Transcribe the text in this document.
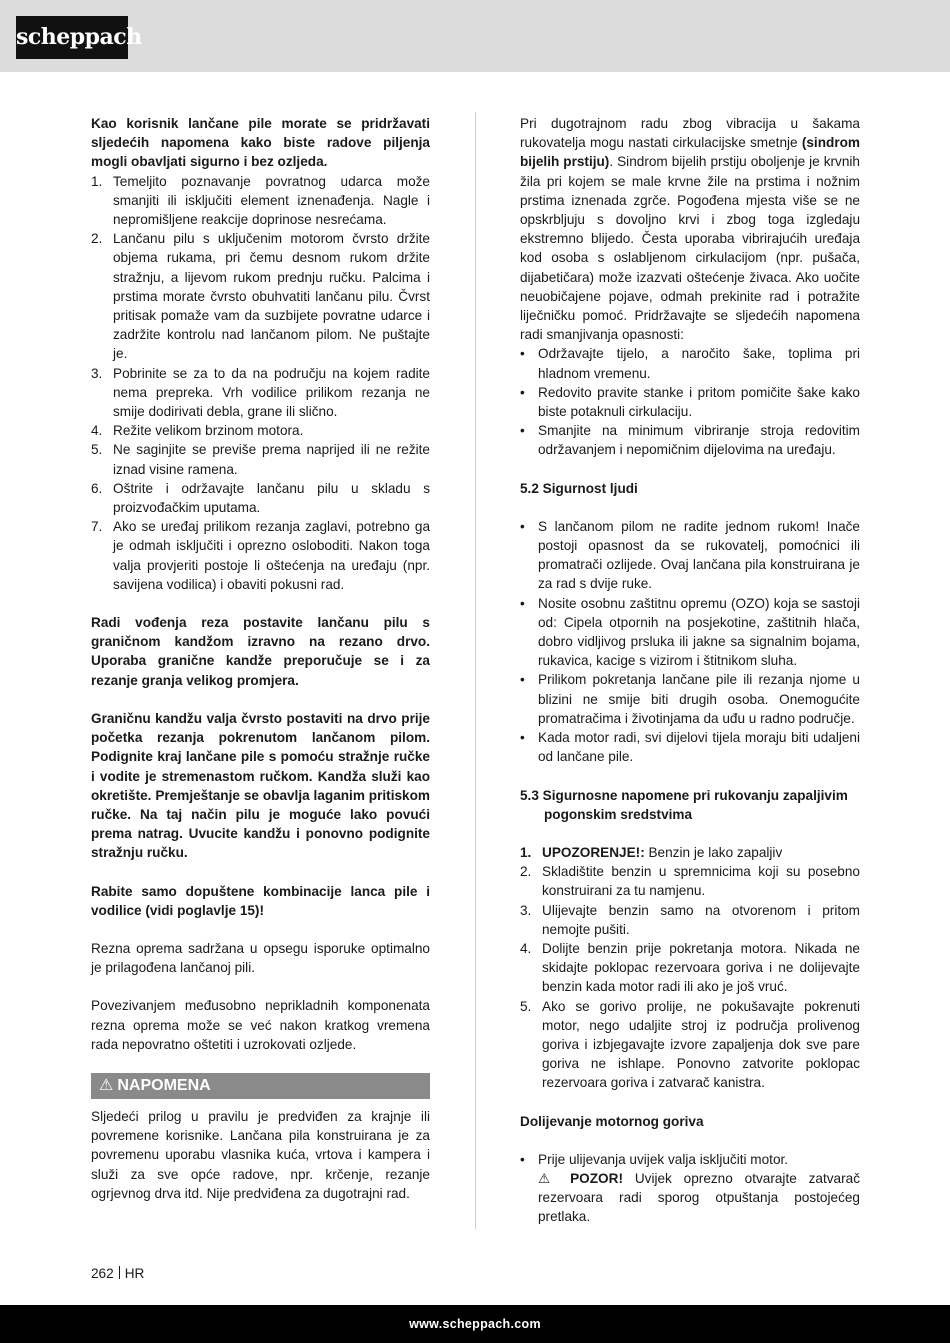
scheppach

Kao korisnik lančane pile morate se pridržavati sljedećih napomena kako biste radove piljenja mogli obavljati sigurno i bez ozljeda.

1. Temeljito poznavanje povratnog udarca može smanjiti ili isključiti element iznenađenja. Nagle i nepromišljene reakcije doprinose nesrećama.
2. Lančanu pilu s uključenim motorom čvrsto držite objema rukama, pri čemu desnom rukom držite stražnju, a lijevom rukom prednju ručku. Palcima i prstima morate čvrsto obuhvatiti lančanu pilu. Čvrst pritisak pomaže vam da suzbijete povratne udarce i zadržite kontrolu nad lančanom pilom. Ne puštajte je.
3. Pobrinite se za to da na području na kojem radite nema prepreka. Vrh vodilice prilikom rezanja ne smije dodirivati debla, grane ili slično.
4. Režite velikom brzinom motora.
5. Ne saginjite se previše prema naprijed ili ne režite iznad visine ramena.
6. Oštrite i održavajte lančanu pilu u skladu s proizvođačkim uputama.
7. Ako se uređaj prilikom rezanja zaglavi, potrebno ga je odmah isključiti i oprezno osloboditi. Nakon toga valja provjeriti postoje li oštećenja na uređaju (npr. savijena vodilica) i obaviti pokusni rad.

Radi vođenja reza postavite lančanu pilu s graničnom kandžom izravno na rezano drvo. Uporaba granične kandže preporučuje se i za rezanje granja velikog promjera.

Graničnu kandžu valja čvrsto postaviti na drvo prije početka rezanja pokrenutom lančanom pilom. Podignite kraj lančane pile s pomoću stražnje ručke i vodite je stremenastom ručkom. Kandža služi kao okretište. Premještanje se obavlja laganim pritiskom ručke. Na taj način pilu je moguće lako povući prema natrag. Uvucite kandžu i ponovno podignite stražnju ručku.

Rabite samo dopuštene kombinacije lanca pile i vodilice (vidi poglavlje 15)!

Rezna oprema sadržana u opsegu isporuke optimalno je prilagođena lančanoj pili.

Povezivanjem međusobno neprikladnih komponenata rezna oprema može se već nakon kratkog vremena rada nepovratno oštetiti i uzrokovati ozljede.

⚠ NAPOMENA

Sljedeći prilog u pravilu je predviđen za krajnje ili povremene korisnike. Lančana pila konstruirana je za povremenu uporabu vlasnika kuća, vrtova i kampera i služi za sve opće radove, npr. krčenje, rezanje ogrjevnog drva itd. Nije predviđena za dugotrajni rad.

Pri dugotrajnom radu zbog vibracija u šakama rukovatelja mogu nastati cirkulacijske smetnje (sindrom bijelih prstiju). Sindrom bijelih prstiju oboljenje je krvnih žila pri kojem se male krvne žile na prstima i nožnim prstima iznenada zgrče. Pogođena mjesta više se ne opskrbljuju s dovoljno krvi i zbog toga izgledaju ekstremno blijedo. Česta uporaba vibrirajućih uređaja kod osoba s oslabljenom cirkulacijom (npr. pušača, dijabetičara) može izazvati oštećenje živaca. Ako uočite neuobičajene pojave, odmah prekinite rad i potražite liječničku pomoć. Pridržavajte se sljedećih napomena radi smanjivanja opasnosti:

• Održavajte tijelo, a naročito šake, toplima pri hladnom vremenu.
• Redovito pravite stanke i pritom pomičite šake kako biste potaknuli cirkulaciju.
• Smanjite na minimum vibriranje stroja redovitim održavanjem i nepomičnim dijelovima na uređaju.

5.2 Sigurnost ljudi

• S lančanom pilom ne radite jednom rukom! Inače postoji opasnost da se rukovatelj, pomoćnici ili promatrači ozlijede. Ovaj lančana pila konstruirana je za rad s dvije ruke.
• Nosite osobnu zaštitnu opremu (OZO) koja se sastoji od: Cipela otpornih na posjekotine, zaštitnih hlača, dobro vidljivog prsluka ili jakne sa signalnim bojama, rukavica, kacige s vizirom i štitnikom sluha.
• Prilikom pokretanja lančane pile ili rezanja njome u blizini ne smije biti drugih osoba. Onemogućite promatračima i životinjama da uđu u radno područje.
• Kada motor radi, svi dijelovi tijela moraju biti udaljeni od lančane pile.

5.3 Sigurnosne napomene pri rukovanju zapaljivim pogonskim sredstvima

1. UPOZORENJE!: Benzin je lako zapaljiv
2. Skladištite benzin u spremnicima koji su posebno konstruirani za tu namjenu.
3. Ulijevajte benzin samo na otvorenom i pritom nemojte pušiti.
4. Dolijte benzin prije pokretanja motora. Nikada ne skidajte poklopac rezervoara goriva i ne dolijevajte benzin kada motor radi ili ako je još vruć.
5. Ako se gorivo prolije, ne pokušavajte pokrenuti motor, nego udaljite stroj iz područja prolivenog goriva i izbjegavajte izvore zapaljenja dok sve pare goriva ne ishlape. Ponovno zatvorite poklopac rezervoara goriva i zatvarač kanistra.

Dolijevanje motornog goriva

• Prije ulijevanja uvijek valja isključiti motor.
⚠ POZOR! Uvijek oprezno otvarajte zatvarač rezervoara radi sporog otpuštanja postojećeg pretlaka.
262 HR
www.scheppach.com
